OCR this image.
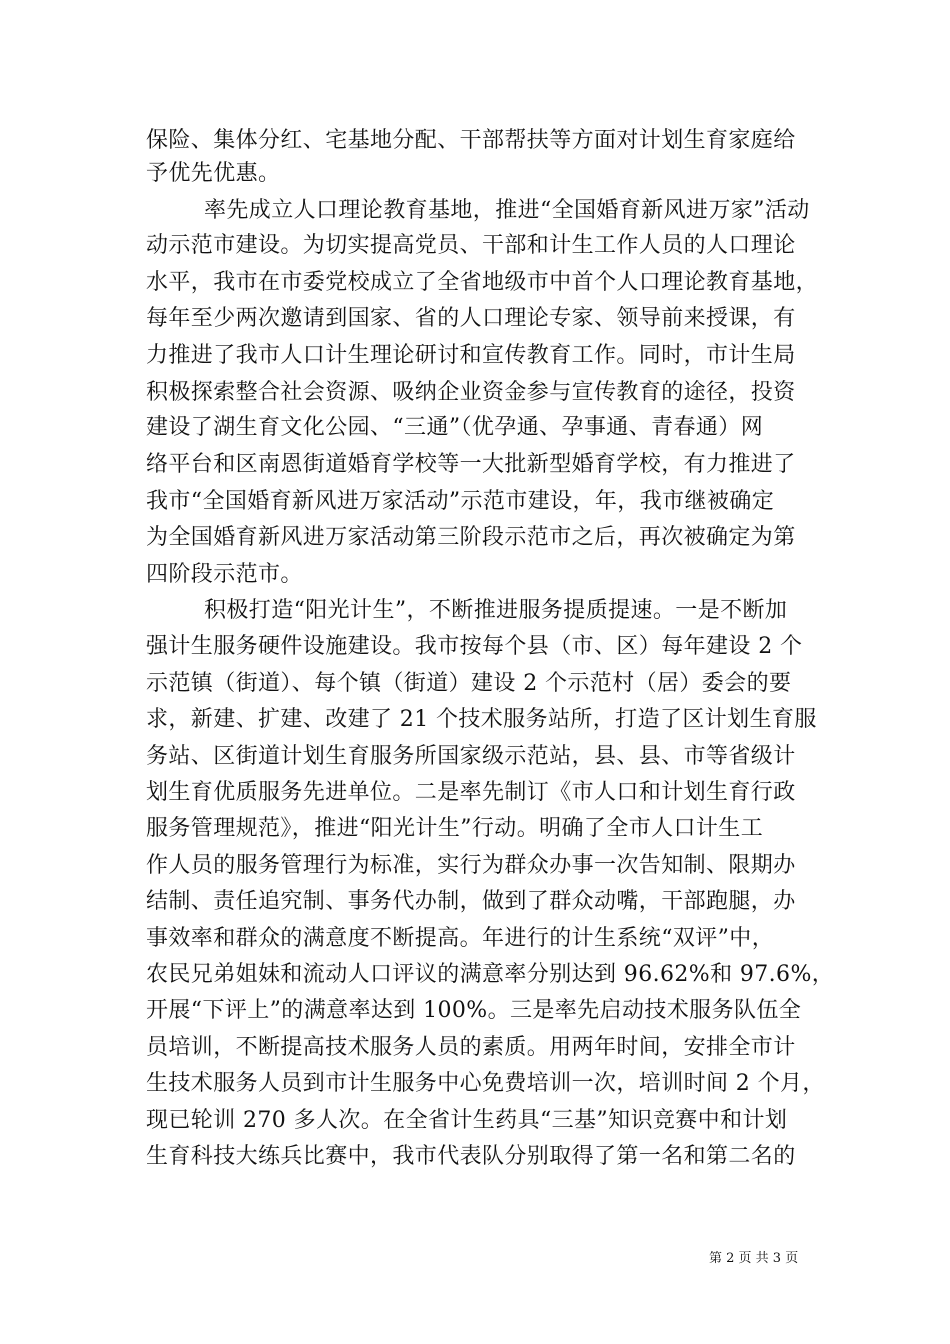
保险、集体分红、宅基地分配、干部帮扶等方面对计划生育家庭给
予优先优惠。
率先成立人口理论教育基地，推进“全国婚育新风进万家”活动
动示范市建设。为切实提高党员、干部和计生工作人员的人口理论
水平，我市在市委党校成立了全省地级市中首个人口理论教育基地，
每年至少两次邀请到国家、省的人口理论专家、领导前来授课，有
力推进了我市人口计生理论研讨和宣传教育工作。同时，市计生局
积极探索整合社会资源、吸纳企业资金参与宣传教育的途径，投资
建设了湖生育文化公园、“三通”（优孕通、孕事通、青春通）网
络平台和区南恩街道婚育学校等一大批新型婚育学校，有力推进了
我市“全国婚育新风进万家活动”示范市建设，年，我市继被确定
为全国婚育新风进万家活动第三阶段示范市之后，再次被确定为第
四阶段示范市。
积极打造“阳光计生”，不断推进服务提质提速。一是不断加
强计生服务硬件设施建设。我市按每个县（市、区）每年建设 2 个
示范镇（街道）、每个镇（街道）建设 2 个示范村（居）委会的要
求，新建、扩建、改建了 21 个技术服务站所，打造了区计划生育服
务站、区街道计划生育服务所国家级示范站，县、县、市等省级计
划生育优质服务先进单位。二是率先制订《市人口和计划生育行政
服务管理规范》，推进“阳光计生”行动。明确了全市人口计生工
作人员的服务管理行为标准，实行为群众办事一次告知制、限期办
结制、责任追究制、事务代办制，做到了群众动嘴，干部跑腿，办
事效率和群众的满意度不断提高。年进行的计生系统“双评”中，
农民兄弟姐妹和流动人口评议的满意率分别达到 96.62%和 97.6%，
开展“下评上”的满意率达到 100%。三是率先启动技术服务队伍全
员培训，不断提高技术服务人员的素质。用两年时间，安排全市计
生技术服务人员到市计生服务中心免费培训一次，培训时间 2 个月，
现已轮训 270 多人次。在全省计生药具“三基”知识竞赛中和计划
生育科技大练兵比赛中，我市代表队分别取得了第一名和第二名的
第 2 页 共 3 页
